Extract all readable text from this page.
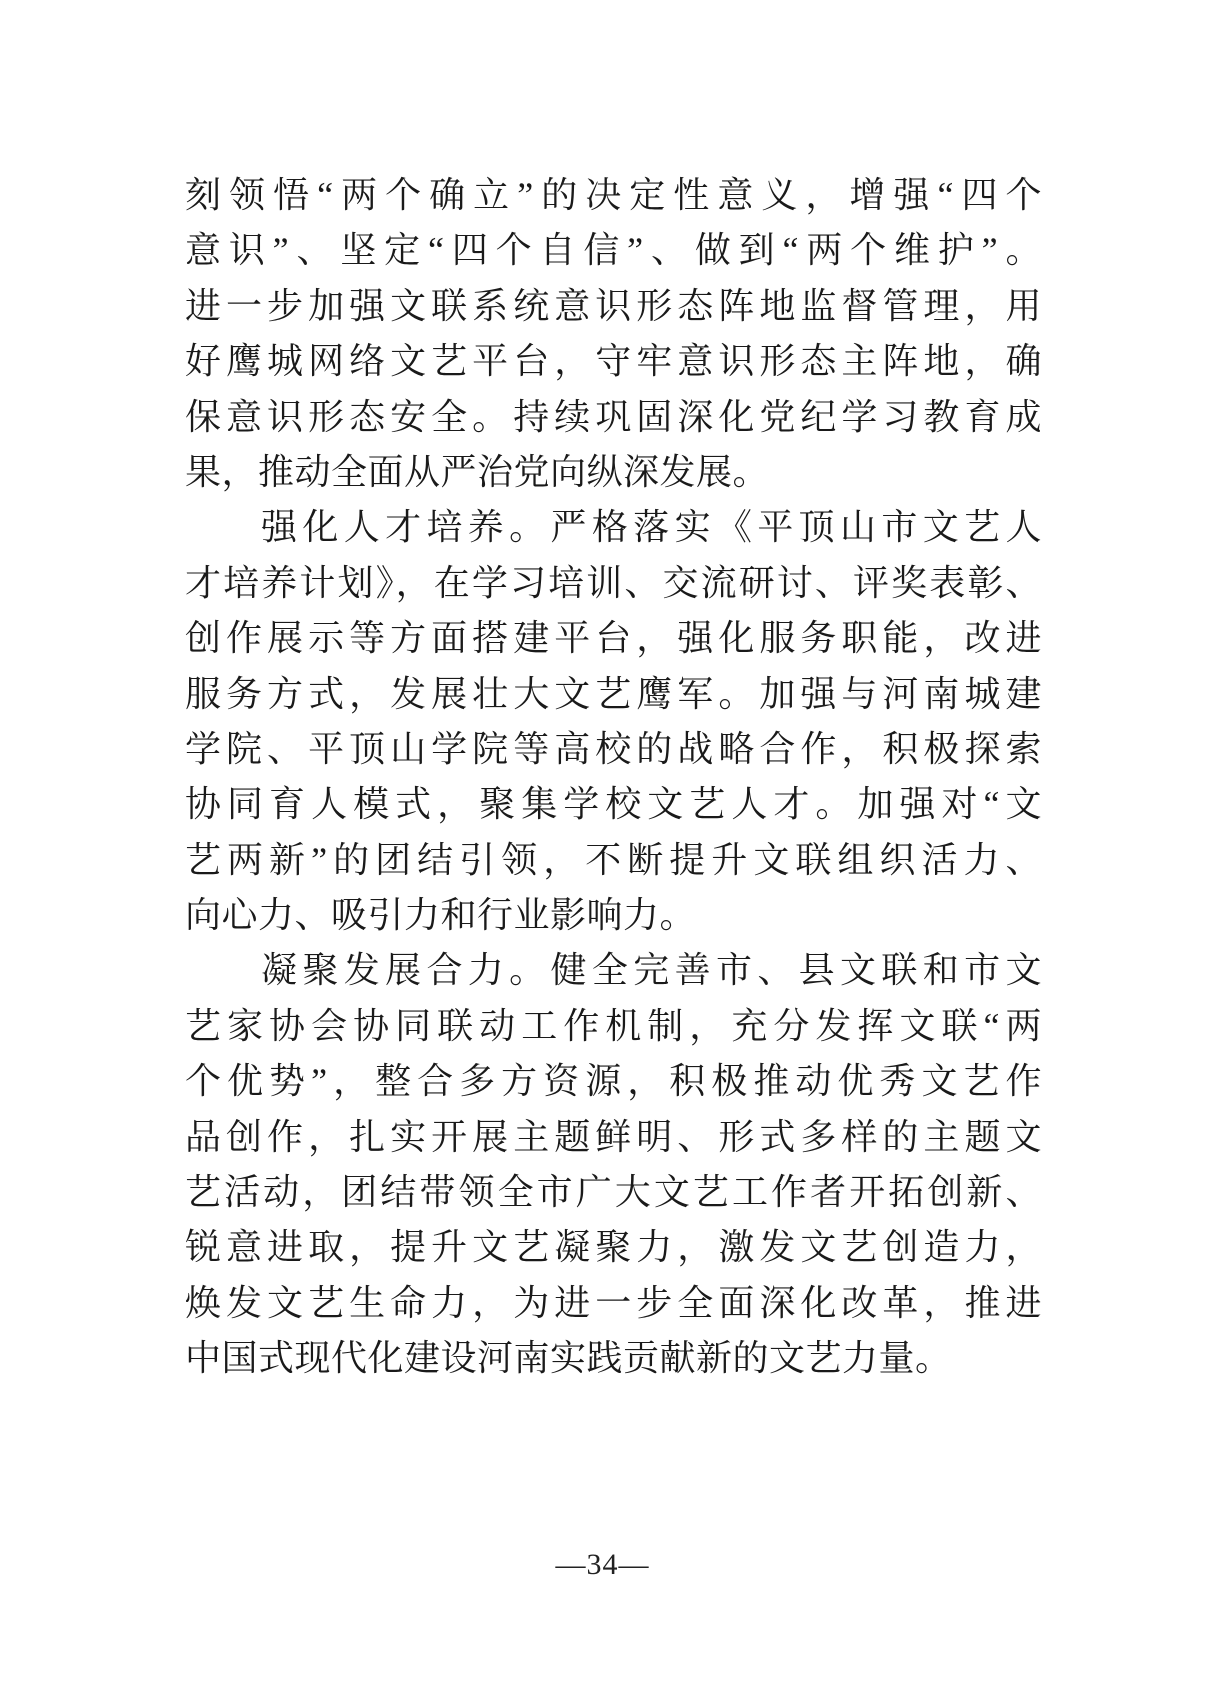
刻领悟“两个确立”的决定性意义，增强“四个
意识”、坚定“四个自信”、做到“两个维护”。
进一步加强文联系统意识形态阵地监督管理，用
好鹰城网络文艺平台，守牢意识形态主阵地，确
保意识形态安全。持续巩固深化党纪学习教育成
果，推动全面从严治党向纵深发展。
强化人才培养。严格落实《平顶山市文艺人
才培养计划》，在学习培训、交流研讨、评奖表彰、
创作展示等方面搭建平台，强化服务职能，改进
服务方式，发展壮大文艺鹰军。加强与河南城建
学院、平顶山学院等高校的战略合作，积极探索
协同育人模式，聚集学校文艺人才。加强对“文
艺两新”的团结引领，不断提升文联组织活力、
向心力、吸引力和行业影响力。
凝聚发展合力。健全完善市、县文联和市文
艺家协会协同联动工作机制，充分发挥文联“两
个优势”，整合多方资源，积极推动优秀文艺作
品创作，扎实开展主题鲜明、形式多样的主题文
艺活动，团结带领全市广大文艺工作者开拓创新、
锐意进取，提升文艺凝聚力，激发文艺创造力，
焕发文艺生命力，为进一步全面深化改革，推进
中国式现代化建设河南实践贡献新的文艺力量。
—34—
